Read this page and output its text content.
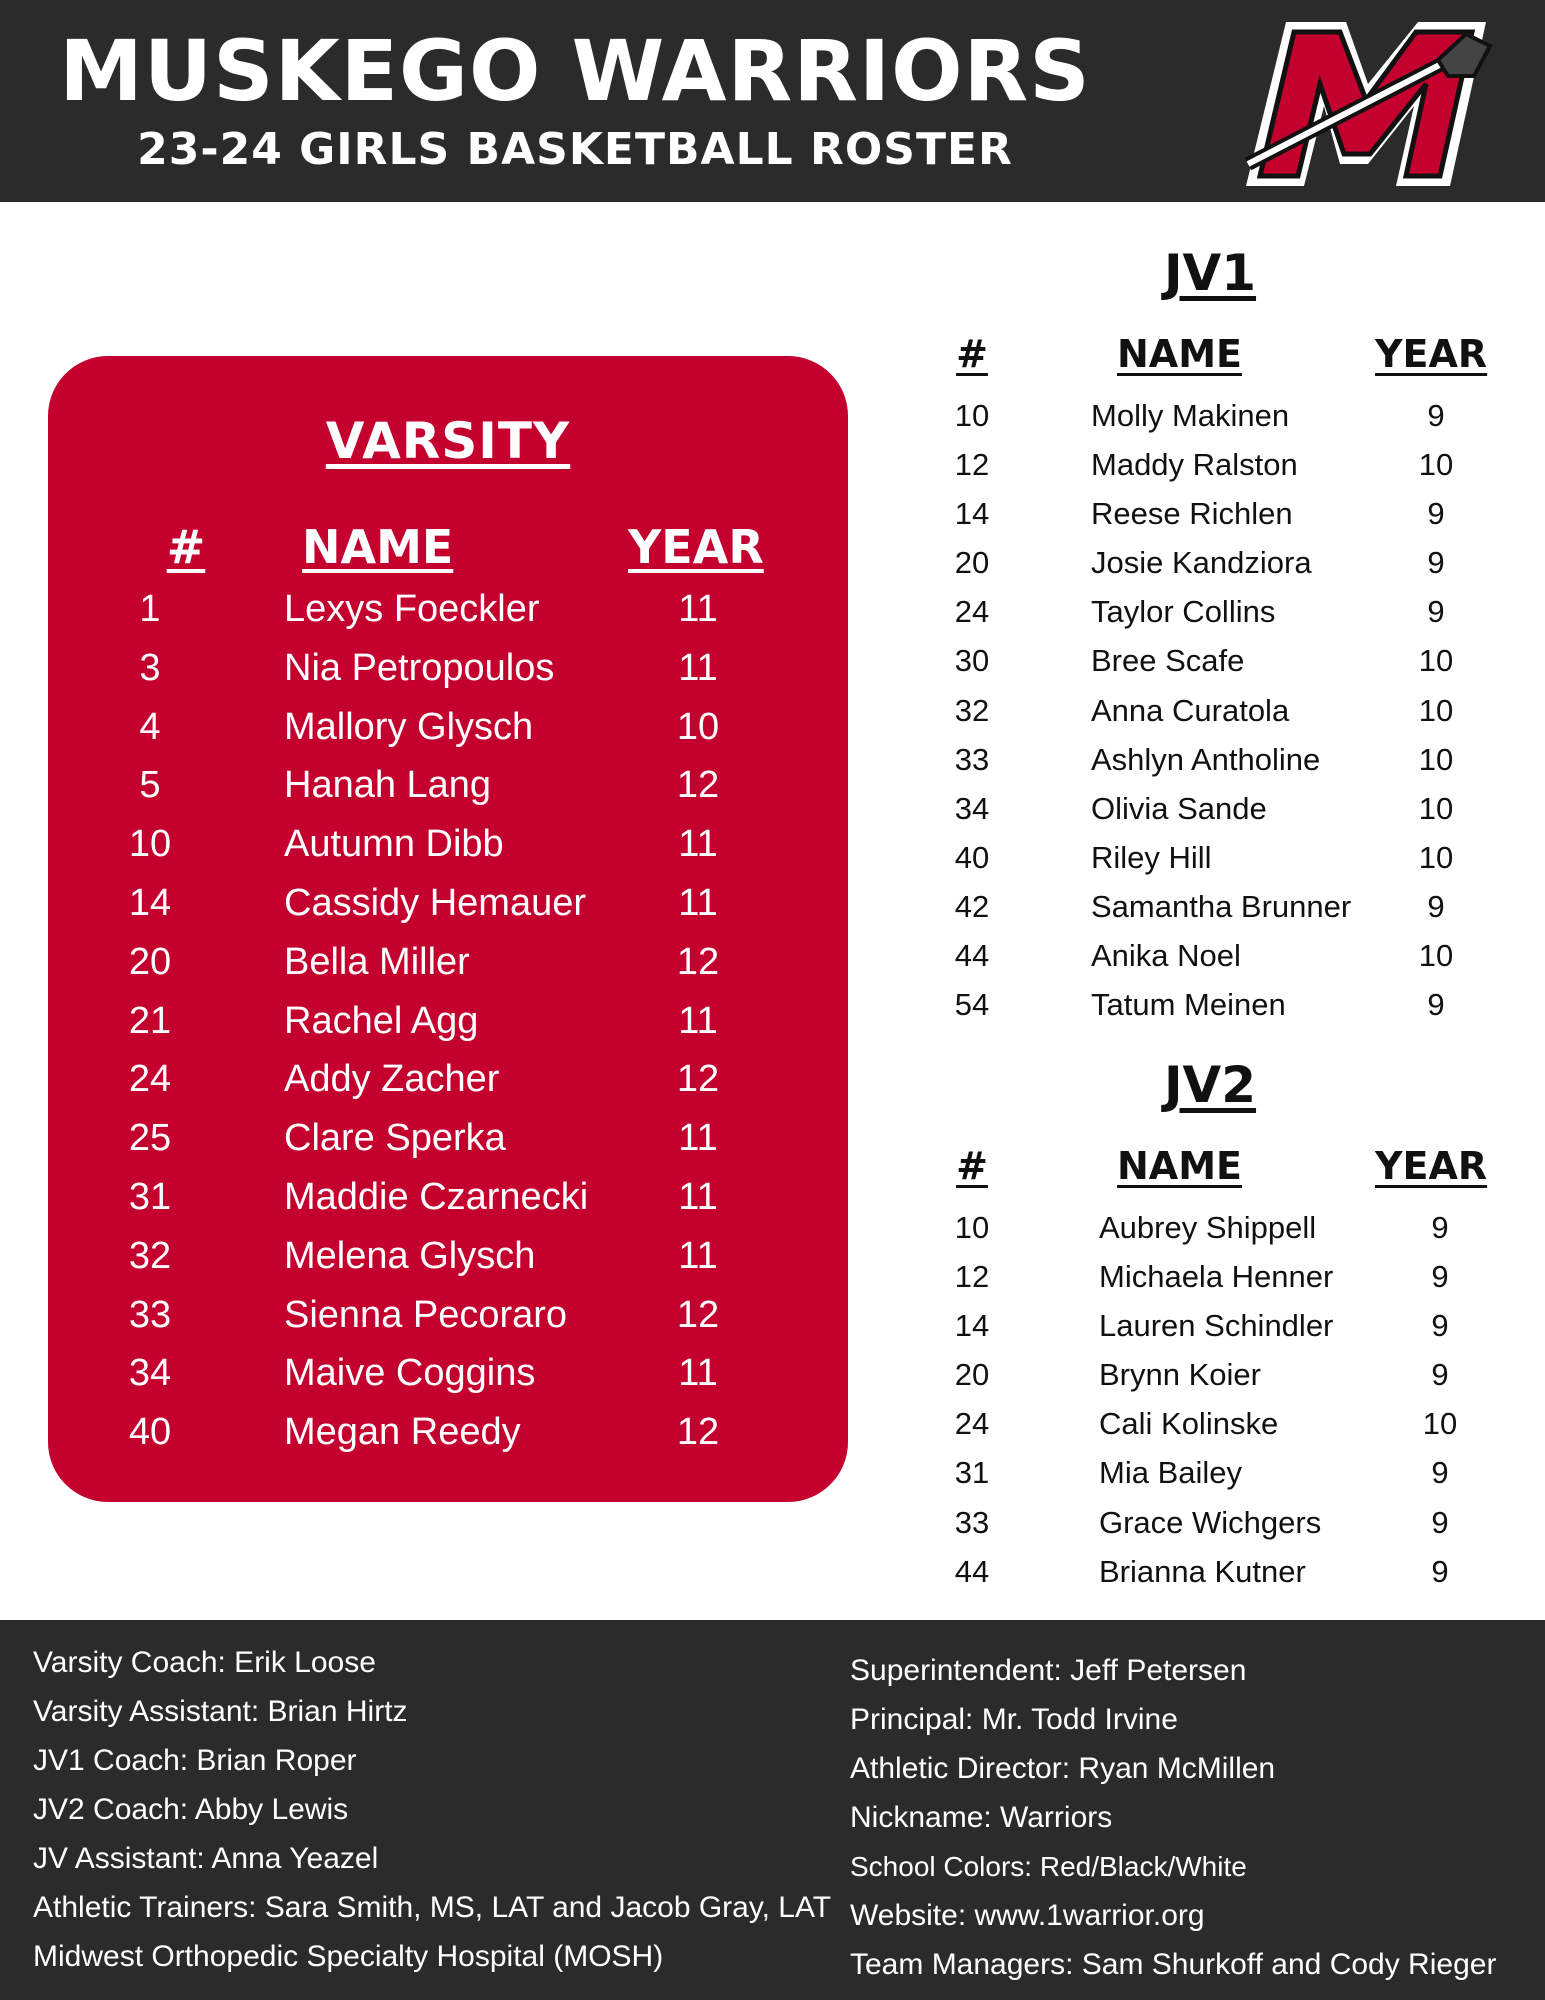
MUSKEGO WARRIORS
23-24 GIRLS BASKETBALL ROSTER
VARSITY
#	NAME	YEAR
1	Lexys Foeckler	11
3	Nia Petropoulos	11
4	Mallory Glysch	10
5	Hanah Lang	12
10	Autumn Dibb	11
14	Cassidy Hemauer	11
20	Bella Miller	12
21	Rachel Agg	11
24	Addy Zacher	12
25	Clare Sperka	11
31	Maddie Czarnecki	11
32	Melena Glysch	11
33	Sienna Pecoraro	12
34	Maive Coggins	11
40	Megan Reedy	12
JV1
#	NAME	YEAR
10	Molly Makinen	9
12	Maddy Ralston	10
14	Reese Richlen	9
20	Josie Kandziora	9
24	Taylor Collins	9
30	Bree Scafe	10
32	Anna Curatola	10
33	Ashlyn Antholine	10
34	Olivia Sande	10
40	Riley Hill	10
42	Samantha Brunner	9
44	Anika Noel	10
54	Tatum Meinen	9
JV2
#	NAME	YEAR
10	Aubrey Shippell	9
12	Michaela Henner	9
14	Lauren Schindler	9
20	Brynn Koier	9
24	Cali Kolinske	10
31	Mia Bailey	9
33	Grace Wichgers	9
44	Brianna Kutner	9
Varsity Coach: Erik Loose
Varsity Assistant: Brian Hirtz
JV1 Coach: Brian Roper
JV2 Coach: Abby Lewis
JV Assistant: Anna Yeazel
Athletic Trainers: Sara Smith, MS, LAT and Jacob Gray, LAT
Midwest Orthopedic Specialty Hospital (MOSH)
Superintendent: Jeff Petersen
Principal: Mr. Todd Irvine
Athletic Director: Ryan McMillen
Nickname: Warriors
School Colors: Red/Black/White
Website: www.1warrior.org
Team Managers: Sam Shurkoff and Cody Rieger
